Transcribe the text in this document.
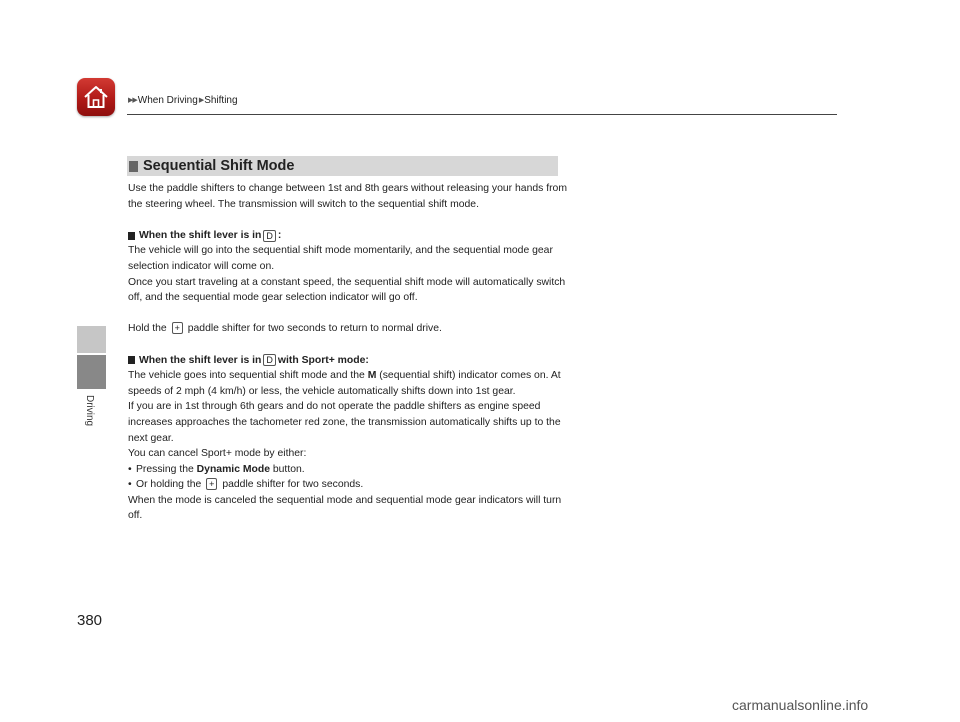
▶▶ When Driving ▶ Shifting
Driving
380
Sequential Shift Mode

Use the paddle shifters to change between 1st and 8th gears without releasing your hands from the steering wheel. The transmission will switch to the sequential shift mode.

When the shift lever is in D :

The vehicle will go into the sequential shift mode momentarily, and the sequential mode gear selection indicator will come on.

Once you start traveling at a constant speed, the sequential shift mode will automatically switch off, and the sequential mode gear selection indicator will go off.

Hold the + paddle shifter for two seconds to return to normal drive.

When the shift lever is in D with Sport+ mode:

The vehicle goes into sequential shift mode and the M (sequential shift) indicator comes on. At speeds of 2 mph (4 km/h) or less, the vehicle automatically shifts down into 1st gear.

If you are in 1st through 6th gears and do not operate the paddle shifters as engine speed increases approaches the tachometer red zone, the transmission automatically shifts up to the next gear.

You can cancel Sport+ mode by either:

• Pressing the Dynamic Mode button.
• Or holding the + paddle shifter for two seconds.

When the mode is canceled the sequential mode and sequential mode gear indicators will turn off.

carmanualsonline.info
